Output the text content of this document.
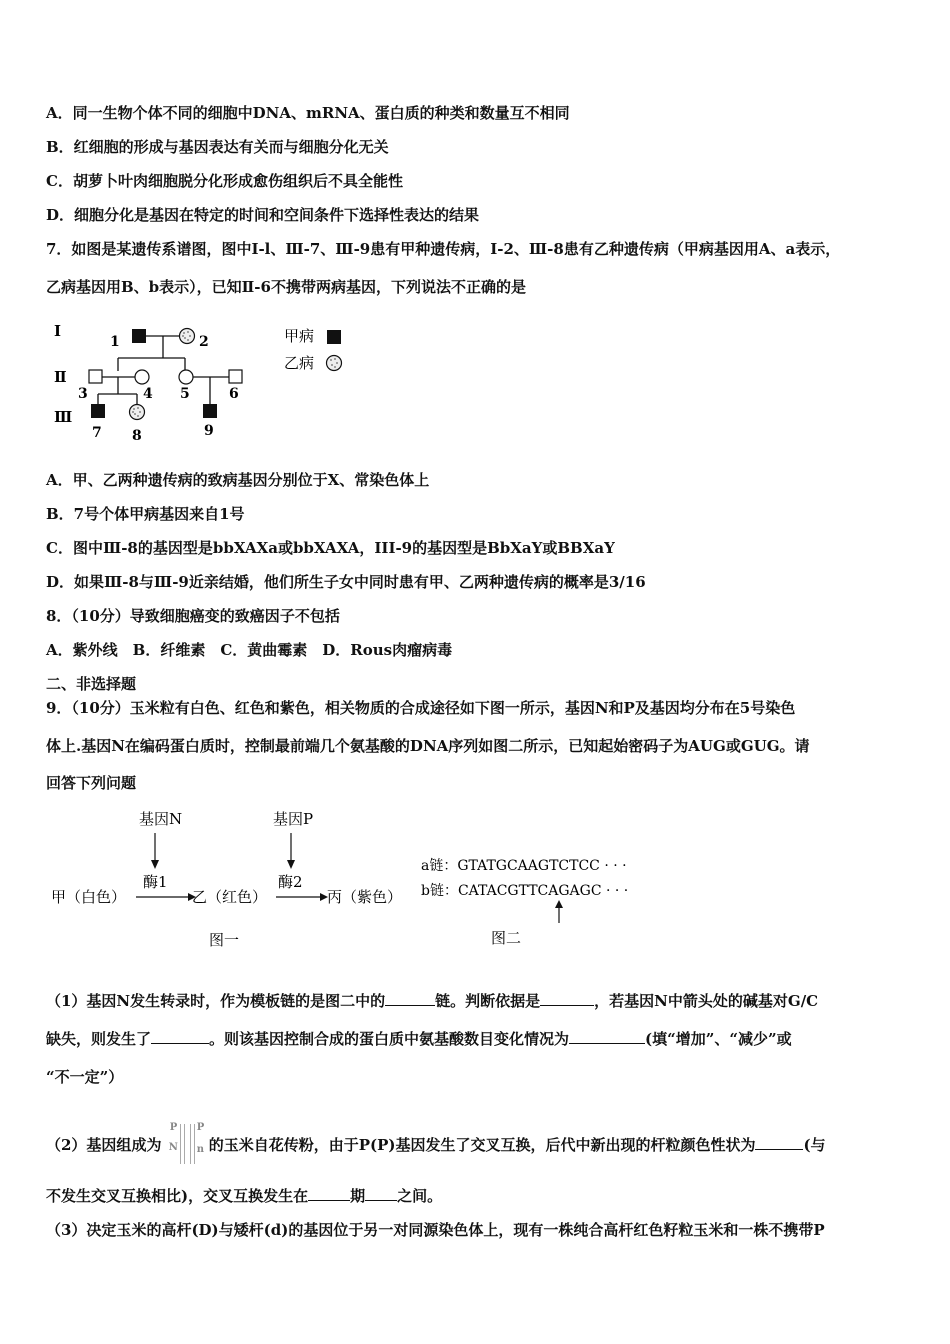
A．同一生物个体不同的细胞中DNA、mRNA、蛋白质的种类和数量互不相同
B．红细胞的形成与基因表达有关而与细胞分化无关
C．胡萝卜叶肉细胞脱分化形成愈伤组织后不具全能性
D．细胞分化是基因在特定的时间和空间条件下选择性表达的结果
7．如图是某遗传系谱图，图中Ⅰ-l、Ⅲ-7、Ⅲ-9患有甲种遗传病，Ⅰ-2、Ⅲ-8患有乙种遗传病（甲病基因用A、a表示，
乙病基因用B、b表示），已知Ⅱ-6不携带两病基因，下列说法不正确的是
Ⅰ
Ⅱ
Ⅲ
1	2
3	4 5	6
7 8	9
甲病
乙病
A．甲、乙两种遗传病的致病基因分别位于X、常染色体上
B．7号个体甲病基因来自1号
C．图中Ⅲ-8的基因型是bbXAXa或bbXAXA，III-9的基因型是BbXaY或BBXaY
D．如果Ⅲ-8与Ⅲ-9近亲结婚，他们所生子女中同时患有甲、乙两种遗传病的概率是3/16
8．（10分）导致细胞癌变的致癌因子不包括
A．紫外线　B．纤维素　C．黄曲霉素　D．Rous肉瘤病毒
二、非选择题
9．（10分）玉米粒有白色、红色和紫色，相关物质的合成途径如下图一所示，基因N和P及基因均分布在5号染色
体上.基因N在编码蛋白质时，控制最前端几个氨基酸的DNA序列如图二所示，已知起始密码子为AUG或GUG。请
回答下列问题
基因N	基因P
酶1	酶2
甲（白色）	乙（红色）	丙（紫色）
图一
a链：GTATGCAAGTCTCC · · ·
b链：CATACGTTCAGAGC · · ·
图二
（1）基因N发生转录时，作为模板链的是图二中的	链。判断依据是	，若基因N中箭头处的碱基对G/C
缺失，则发生了	。则该基因控制合成的蛋白质中氨基酸数目变化情况为	(填“增加”、“减少”或
“不一定”）
（2）基因组成为
P
N
P
n 的玉米自花传粉，由于P(P)基因发生了交叉互换，后代中新出现的杆粒颜色性状为	(与
不发生交叉互换相比)，交叉互换发生在	期 之间。
（3）决定玉米的高杆(D)与矮杆(d)的基因位于另一对同源染色体上，现有一株纯合高杆红色籽粒玉米和一株不携带P
